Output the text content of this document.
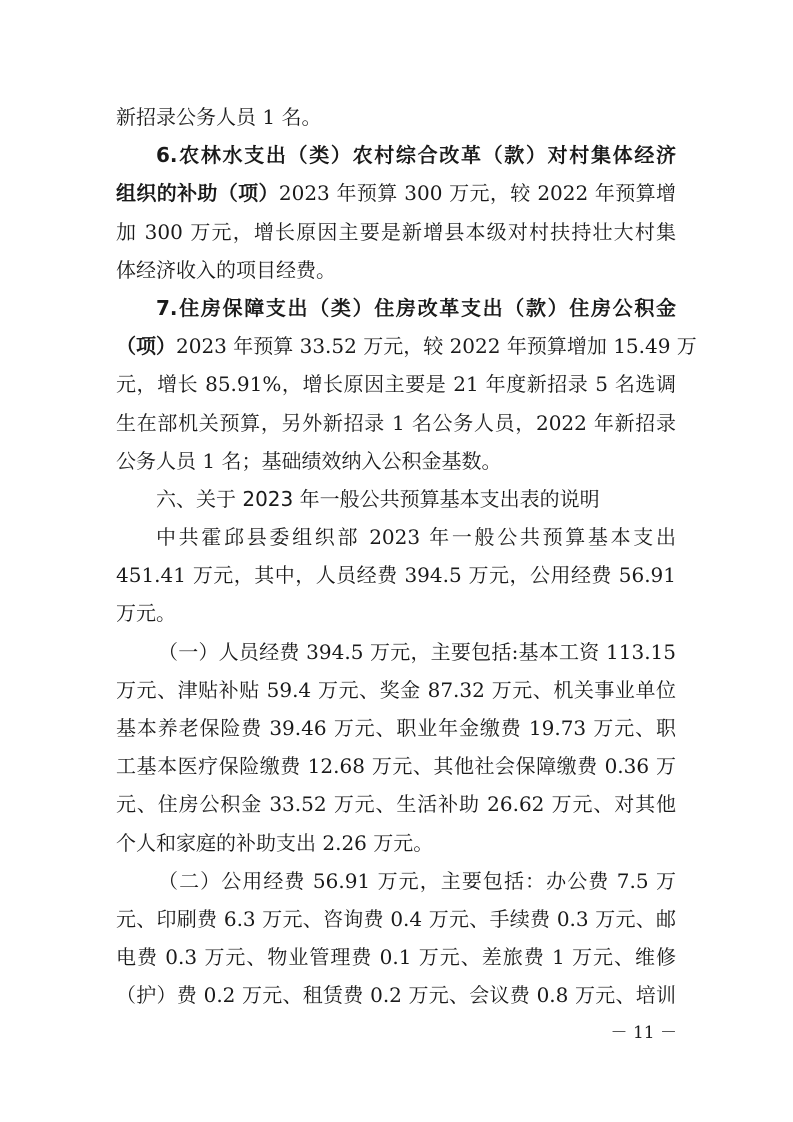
新招录公务人员 1 名。
6.农林水支出（类）农村综合改革（款）对村集体经济
组织的补助（项）2023 年预算 300 万元，较 2022 年预算增
加 300 万元，增长原因主要是新增县本级对村扶持壮大村集
体经济收入的项目经费。
7.住房保障支出（类）住房改革支出（款）住房公积金
（项）2023 年预算 33.52 万元，较 2022 年预算增加 15.49 万
元，增长 85.91%，增长原因主要是 21 年度新招录 5 名选调
生在部机关预算，另外新招录 1 名公务人员，2022 年新招录
公务人员 1 名；基础绩效纳入公积金基数。
六、关于 2023 年一般公共预算基本支出表的说明
中共霍邱县委组织部 2023 年一般公共预算基本支出
451.41 万元，其中，人员经费 394.5 万元，公用经费 56.91
万元。
（一）人员经费 394.5 万元，主要包括:基本工资 113.15
万元、津贴补贴 59.4 万元、奖金 87.32 万元、机关事业单位
基本养老保险费 39.46 万元、职业年金缴费 19.73 万元、职
工基本医疗保险缴费 12.68 万元、其他社会保障缴费 0.36 万
元、住房公积金 33.52 万元、生活补助 26.62 万元、对其他
个人和家庭的补助支出 2.26 万元。
（二）公用经费 56.91 万元，主要包括：办公费 7.5 万
元、印刷费 6.3 万元、咨询费 0.4 万元、手续费 0.3 万元、邮
电费 0.3 万元、物业管理费 0.1 万元、差旅费 1 万元、维修
（护）费 0.2 万元、租赁费 0.2 万元、会议费 0.8 万元、培训
－ 11 －
